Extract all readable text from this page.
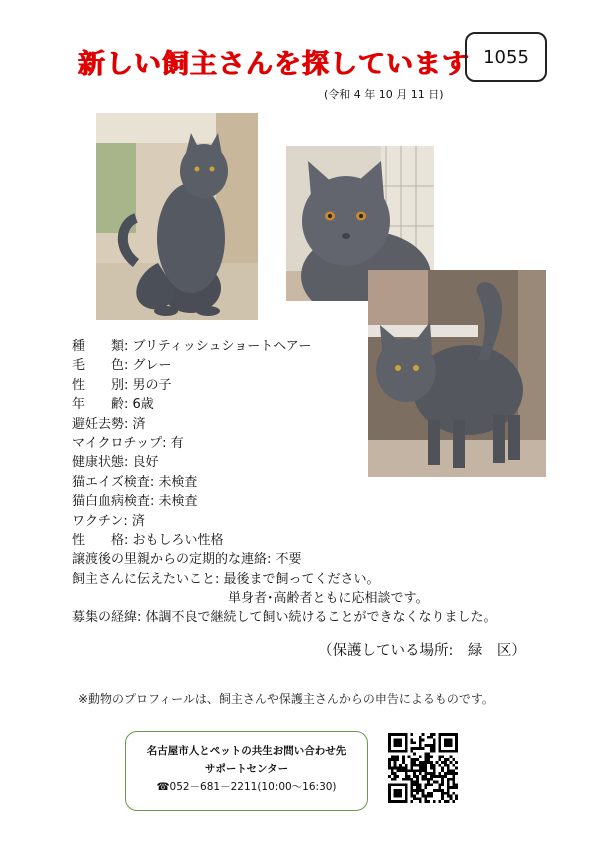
新しい飼主さんを探しています 1055
(令和 4 年 10 月 11 日)
種　　類: ブリティッシュショートヘアー
毛　　色: グレー
性　　別: 男の子
年　　齢: 6歳
避妊去勢: 済
マイクロチップ: 有
健康状態: 良好
猫エイズ検査: 未検査
猫白血病検査: 未検査
ワクチン: 済
性　　格: おもしろい性格
譲渡後の里親からの定期的な連絡: 不要
飼主さんに伝えたいこと: 最後まで飼ってください。
単身者･高齢者ともに応相談です。
募集の経緯: 体調不良で継続して飼い続けることができなくなりました。
（保護している場所:　緑　区）
※動物のプロフィールは、飼主さんや保護主さんからの申告によるものです。
名古屋市人とペットの共生お問い合わせ先
サポートセンター
☎052－681－2211(10:00～16:30)
